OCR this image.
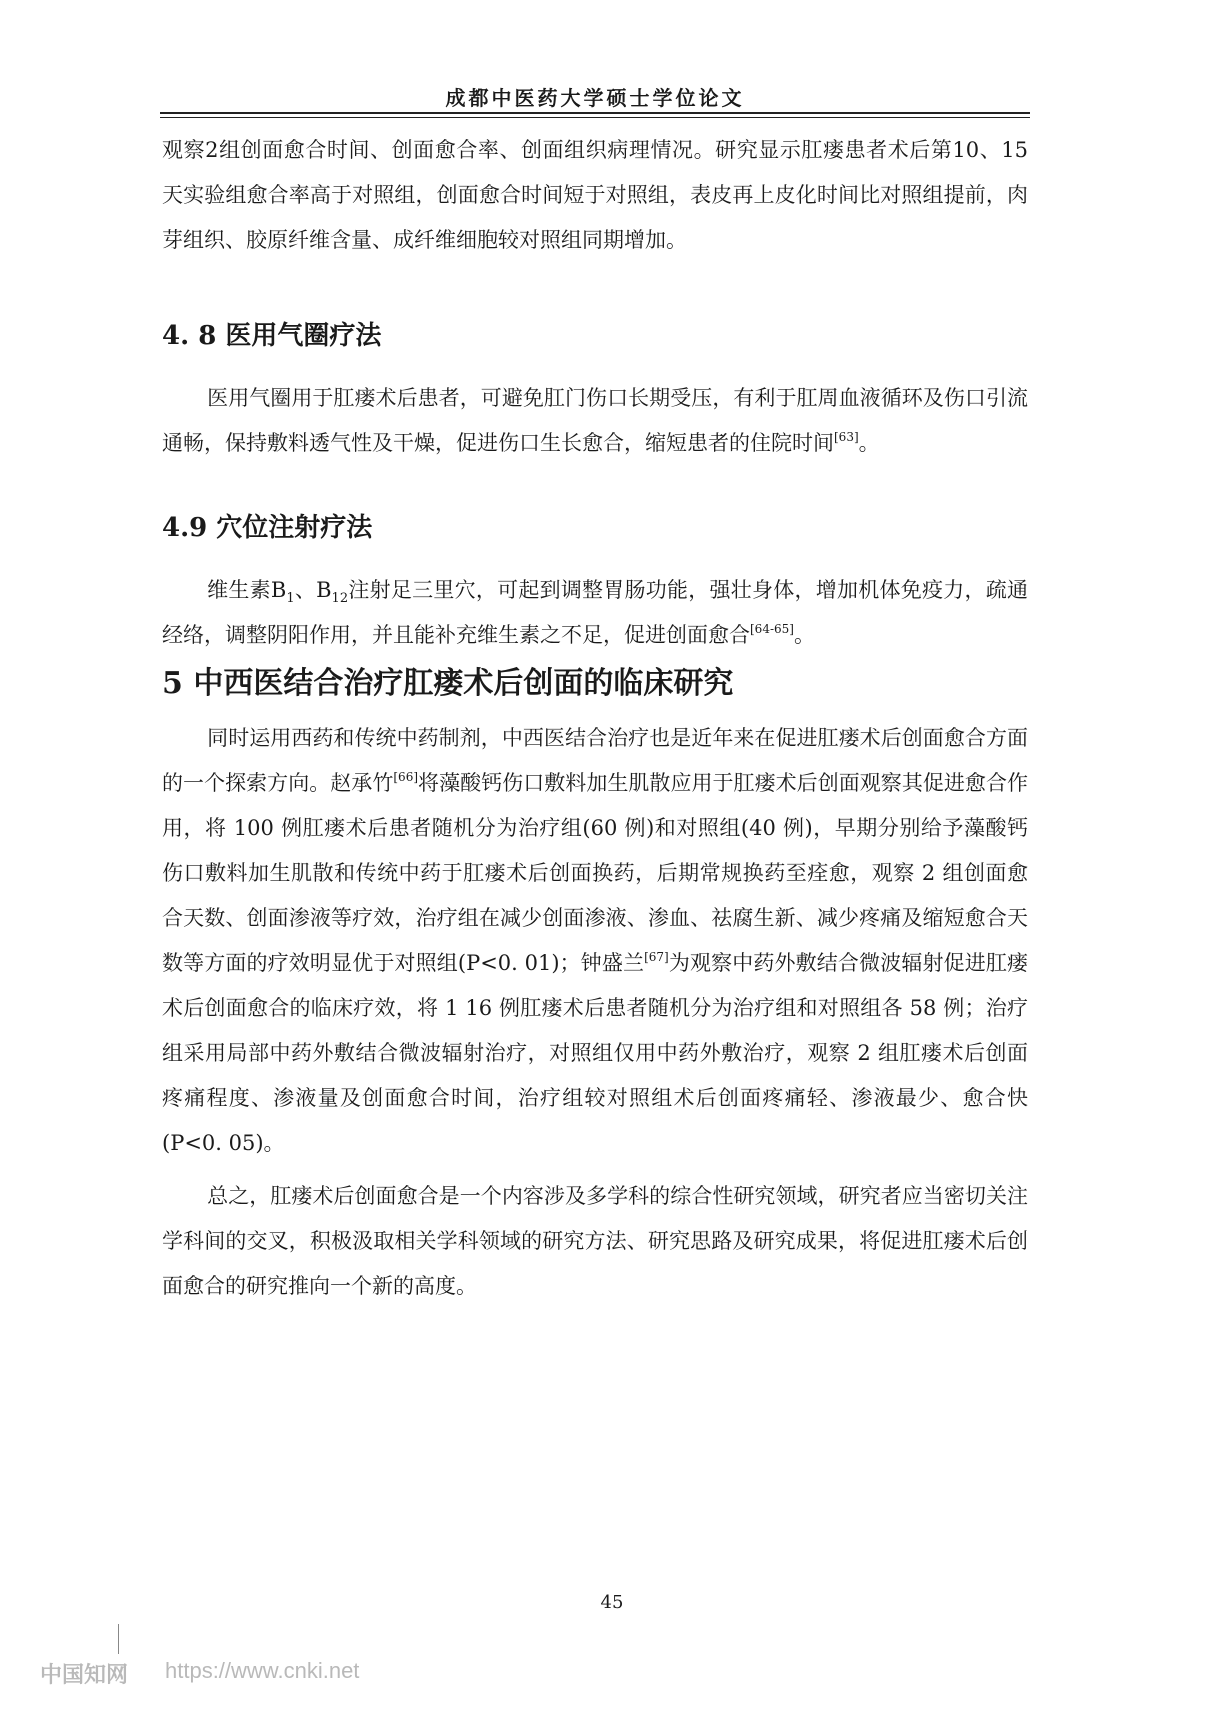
成都中医药大学硕士学位论文

观察2组创面愈合时间、创面愈合率、创面组织病理情况。研究显示肛瘘患者术后第10、15 天实验组愈合率高于对照组，创面愈合时间短于对照组，表皮再上皮化时间比对照组提前，肉芽组织、胶原纤维含量、成纤维细胞较对照组同期增加。

4. 8 医用气圈疗法

医用气圈用于肛瘘术后患者，可避免肛门伤口长期受压，有利于肛周血液循环及伤口引流通畅，保持敷料透气性及干燥，促进伤口生长愈合，缩短患者的住院时间[63]。

4.9 穴位注射疗法

维生素$B_1$、$B_{12}$注射足三里穴，可起到调整胃肠功能，强壮身体，增加机体免疫力，疏通经络，调整阴阳作用，并且能补充维生素之不足，促进创面愈合[64-65]。

5 中西医结合治疗肛瘘术后创面的临床研究

同时运用西药和传统中药制剂，中西医结合治疗也是近年来在促进肛瘘术后创面愈合方面的一个探索方向。赵承竹[66]将藻酸钙伤口敷料加生肌散应用于肛瘘术后创面观察其促进愈合作用，将 100 例肛瘘术后患者随机分为治疗组(60 例)和对照组(40 例)，早期分别给予藻酸钙伤口敷料加生肌散和传统中药于肛瘘术后创面换药，后期常规换药至痊愈，观察 2 组创面愈合天数、创面渗液等疗效，治疗组在减少创面渗液、渗血、祛腐生新、减少疼痛及缩短愈合天数等方面的疗效明显优于对照组(P<0. 01)；钟盛兰[67]为观察中药外敷结合微波辐射促进肛瘘术后创面愈合的临床疗效，将 1 16 例肛瘘术后患者随机分为治疗组和对照组各 58 例；治疗组采用局部中药外敷结合微波辐射治疗，对照组仅用中药外敷治疗，观察 2 组肛瘘术后创面疼痛程度、渗液量及创面愈合时间，治疗组较对照组术后创面疼痛轻、渗液最少、愈合快(P<0. 05)。

总之，肛瘘术后创面愈合是一个内容涉及多学科的综合性研究领域，研究者应当密切关注学科间的交叉，积极汲取相关学科领域的研究方法、研究思路及研究成果，将促进肛瘘术后创面愈合的研究推向一个新的高度。

45
中国知网 https://www.cnki.net
